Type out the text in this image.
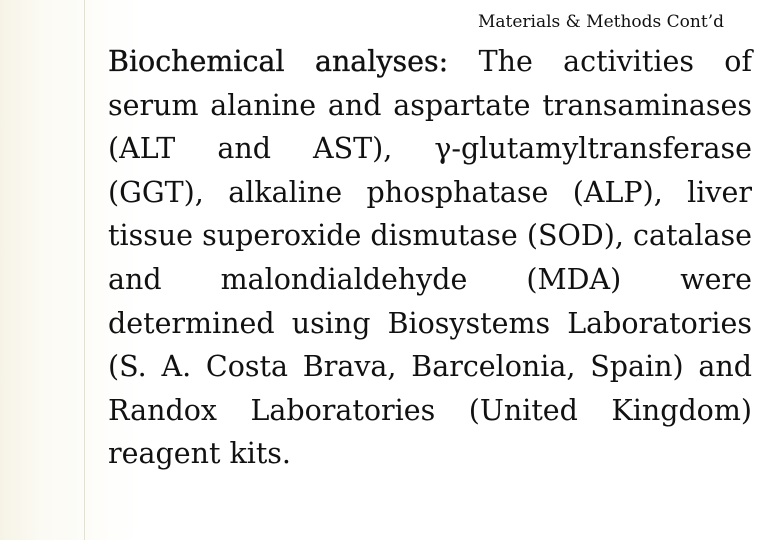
Materials & Methods Cont’d
Biochemical analyses: The activities of serum alanine and aspartate transaminases (ALT and AST), γ-glutamyltransferase (GGT), alkaline phosphatase (ALP), liver tissue superoxide dismutase (SOD), catalase and malondialdehyde (MDA) were determined using Biosystems Laboratories (S. A. Costa Brava, Barcelonia, Spain) and Randox Laboratories (United Kingdom) reagent kits.
